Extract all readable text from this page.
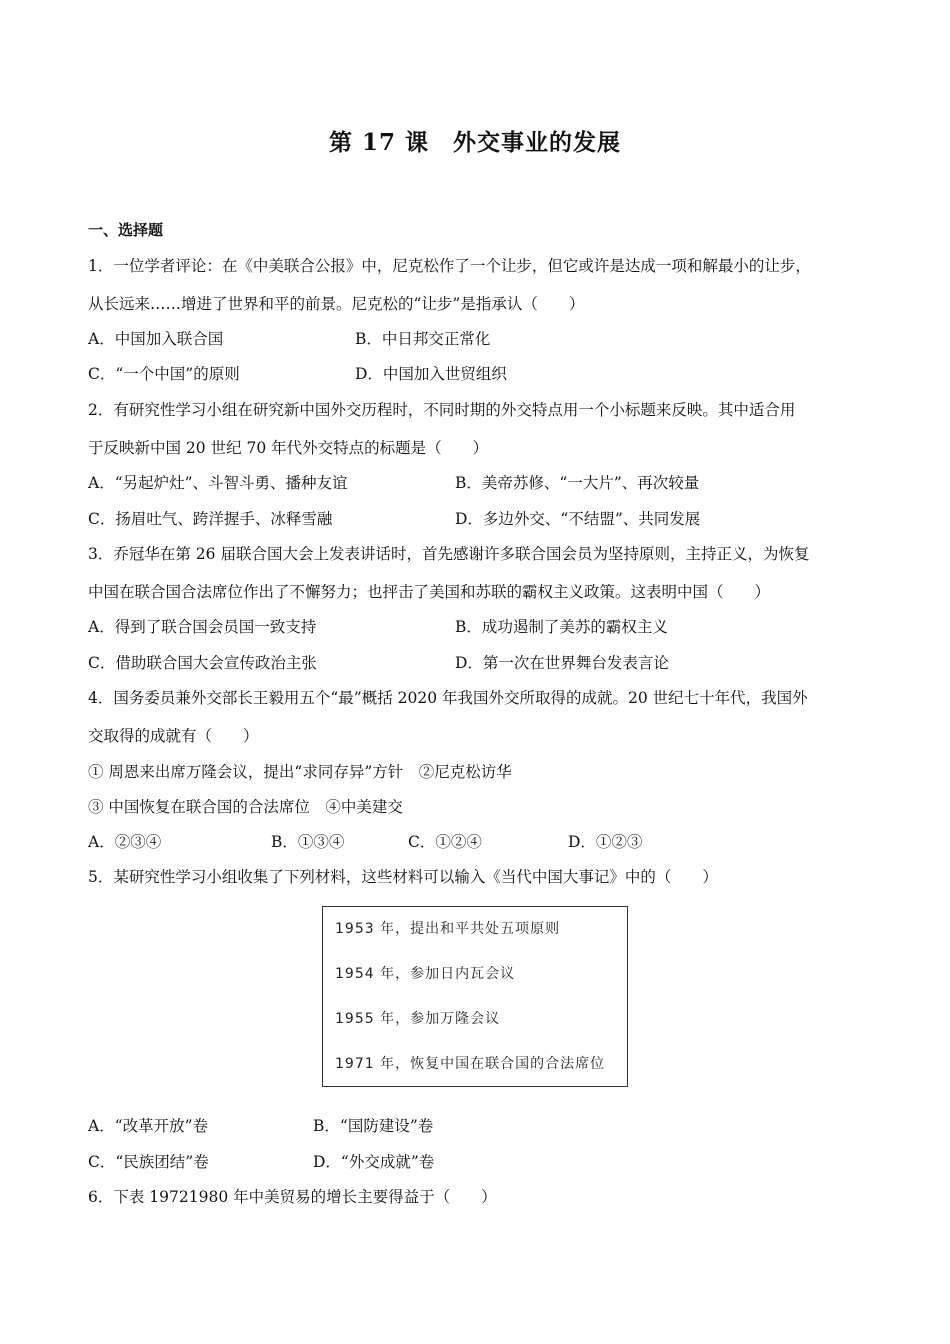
第 17 课　外交事业的发展
一、选择题
1．一位学者评论：在《中美联合公报》中，尼克松作了一个让步，但它或许是达成一项和解最小的让步，
从长远来……增进了世界和平的前景。尼克松的“让步”是指承认（　　）
A．中国加入联合国	B．中日邦交正常化
C．“一个中国”的原则	D．中国加入世贸组织
2．有研究性学习小组在研究新中国外交历程时，不同时期的外交特点用一个小标题来反映。其中适合用
于反映新中国 20 世纪 70 年代外交特点的标题是（　　）
A．“另起炉灶”、斗智斗勇、播种友谊	B．美帝苏修、“一大片”、再次较量
C．扬眉吐气、跨洋握手、冰释雪融	D．多边外交、“不结盟”、共同发展
3．乔冠华在第 26 届联合国大会上发表讲话时，首先感谢许多联合国会员为坚持原则，主持正义，为恢复
中国在联合国合法席位作出了不懈努力；也抨击了美国和苏联的霸权主义政策。这表明中国（　　）
A．得到了联合国会员国一致支持	B．成功遏制了美苏的霸权主义
C．借助联合国大会宣传政治主张	D．第一次在世界舞台发表言论
4．国务委员兼外交部长王毅用五个“最”概括 2020 年我国外交所取得的成就。20 世纪七十年代，我国外
交取得的成就有（　　）
① 周恩来出席万隆会议，提出“求同存异”方针　②尼克松访华
③ 中国恢复在联合国的合法席位　④中美建交
A．②③④	B．①③④	C．①②④	D．①②③
5．某研究性学习小组收集了下列材料，这些材料可以输入《当代中国大事记》中的（　　）
1953 年，提出和平共处五项原则
1954 年，参加日内瓦会议
1955 年，参加万隆会议
1971 年，恢复中国在联合国的合法席位
A．“改革开放”卷	B．“国防建设”卷
C．“民族团结”卷	D．“外交成就”卷
6．下表 19721980 年中美贸易的增长主要得益于（　　）
